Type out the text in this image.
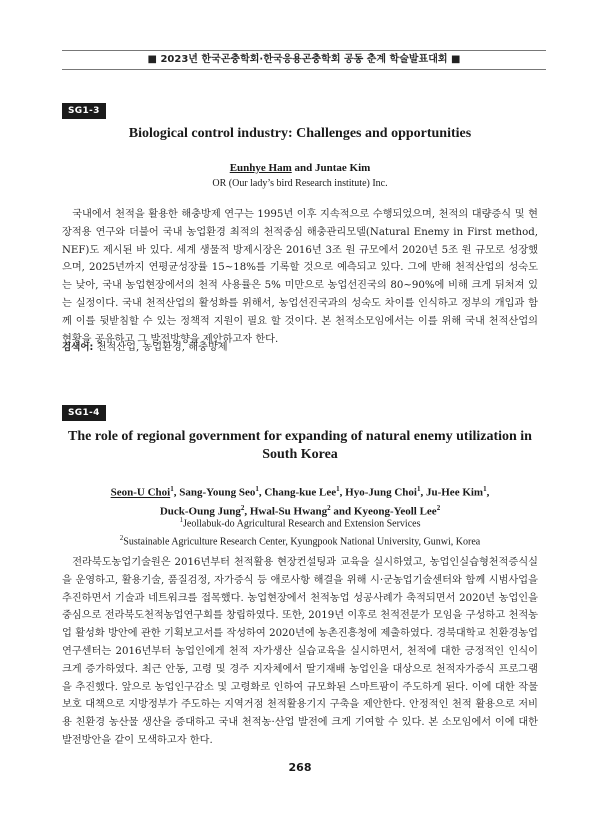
■ 2023년 한국곤충학회·한국응용곤충학회 공동 춘계 학술발표대회 ■
SG1-3
Biological control industry: Challenges and opportunities
Eunhye Ham and Juntae Kim
OR (Our lady’s bird Research institute) Inc.
국내에서 천적을 활용한 해충방제 연구는 1995년 이후 지속적으로 수행되었으며, 천적의 대량증식 및 현장적용 연구와 더불어 국내 농업환경 최적의 천적중심 해충관리모델(Natural Enemy in First method, NEF)도 제시된 바 있다. 세계 생물적 방제시장은 2016년 3조 원 규모에서 2020년 5조 원 규모로 성장했으며, 2025년까지 연평균성장률 15~18%를 기록할 것으로 예측되고 있다. 그에 반해 천적산업의 성숙도는 낮아, 국내 농업현장에서의 천적 사용률은 5% 미만으로 농업선진국의 80~90%에 비해 크게 뒤처져 있는 실정이다. 국내 천적산업의 활성화를 위해서, 농업선진국과의 성숙도 차이를 인식하고 정부의 개입과 함께 이를 뒷받침할 수 있는 정책적 지원이 필요 할 것이다. 본 천적소모임에서는 이를 위해 국내 천적산업의 현황을 공유하고 그 발전방향을 제안하고자 한다.
검색어: 천적산업, 농업환경, 해충방제
SG1-4
The role of regional government for expanding of natural enemy utilization in
South Korea
Seon-U Choi$^1$, Sang-Young Seo$^1$, Chang-kue Lee$^1$, Hyo-Jung Choi$^1$, Ju-Hee Kim$^1$,
Duck-Oung Jung$^2$, Hwal-Su Hwang$^2$ and Kyeong-Yeoll Lee$^2$
$^1$Jeollabuk-do Agricultural Research and Extension Services
$^2$Sustainable Agriculture Research Center, Kyungpook National University, Gunwi, Korea
전라북도농업기술원은 2016년부터 천적활용 현장컨설팅과 교육을 실시하였고, 농업인실습형천적증식실을 운영하고, 활용기술, 품질검정, 자가증식 등 애로사항 해결을 위해 시·군농업기술센터와 함께 시범사업을 추진하면서 기술과 네트워크를 접목했다. 농업현장에서 천적농업 성공사례가 축적되면서 2020년 농업인을 중심으로 전라북도천적농업연구회를 창립하였다. 또한, 2019년 이후로 천적전문가 모임을 구성하고 천적농업 활성화 방안에 관한 기획보고서를 작성하여 2020년에 농촌진흥청에 제출하였다. 경북대학교 친환경농업연구센터는 2016년부터 농업인에게 천적 자가생산 실습교육을 실시하면서, 천적에 대한 긍정적인 인식이 크게 증가하였다. 최근 안동, 고령 및 경주 지자체에서 딸기재배 농업인을 대상으로 천적자가증식 프로그램을 추진했다. 앞으로 농업인구감소 및 고령화로 인하여 규모화된 스마트팜이 주도하게 된다. 이에 대한 작물보호 대책으로 지방정부가 주도하는 지역거점 천적활용기지 구축을 제안한다. 안정적인 천적 활용으로 저비용 친환경 농산물 생산을 증대하고 국내 천적농·산업 발전에 크게 기여할 수 있다. 본 소모임에서 이에 대한 발전방안을 같이 모색하고자 한다.
268
